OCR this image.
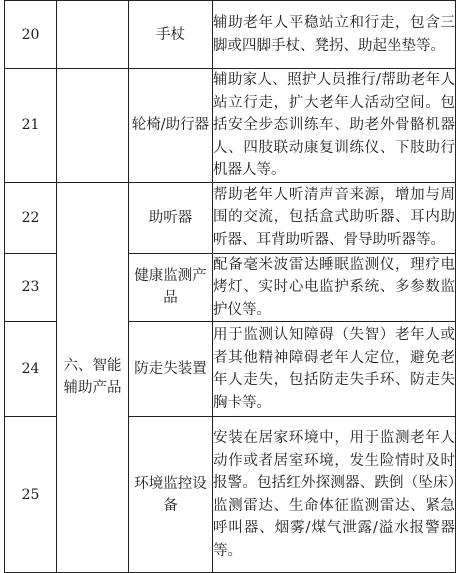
20		手杖	辅助老年人平稳站立和行走，包含三脚或四脚手杖、凳拐、助起坐垫等。
21		轮椅/助行器	辅助家人、照护人员推行/帮助老年人站立行走，扩大老年人活动空间。包括安全步态训练车、助老外骨骼机器人、四肢联动康复训练仪、下肢助行机器人等。
22	六、智能辅助产品	助听器	帮助老年人听清声音来源，增加与周围的交流，包括盒式助听器、耳内助听器、耳背助听器、骨导助听器等。
23		健康监测产品	配备毫米波雷达睡眠监测仪，理疗电烤灯、实时心电监护系统、多参数监护仪等。
24		防走失装置	用于监测认知障碍（失智）老年人或者其他精神障碍老年人定位，避免老年人走失，包括防走失手环、防走失胸卡等。
25		环境监控设备	安装在居家环境中，用于监测老年人动作或者居室环境，发生险情时及时报警。包括红外探测器、跌倒（坠床）监测雷达、生命体征监测雷达、紧急呼叫器、烟雾/煤气泄露/溢水报警器等。
